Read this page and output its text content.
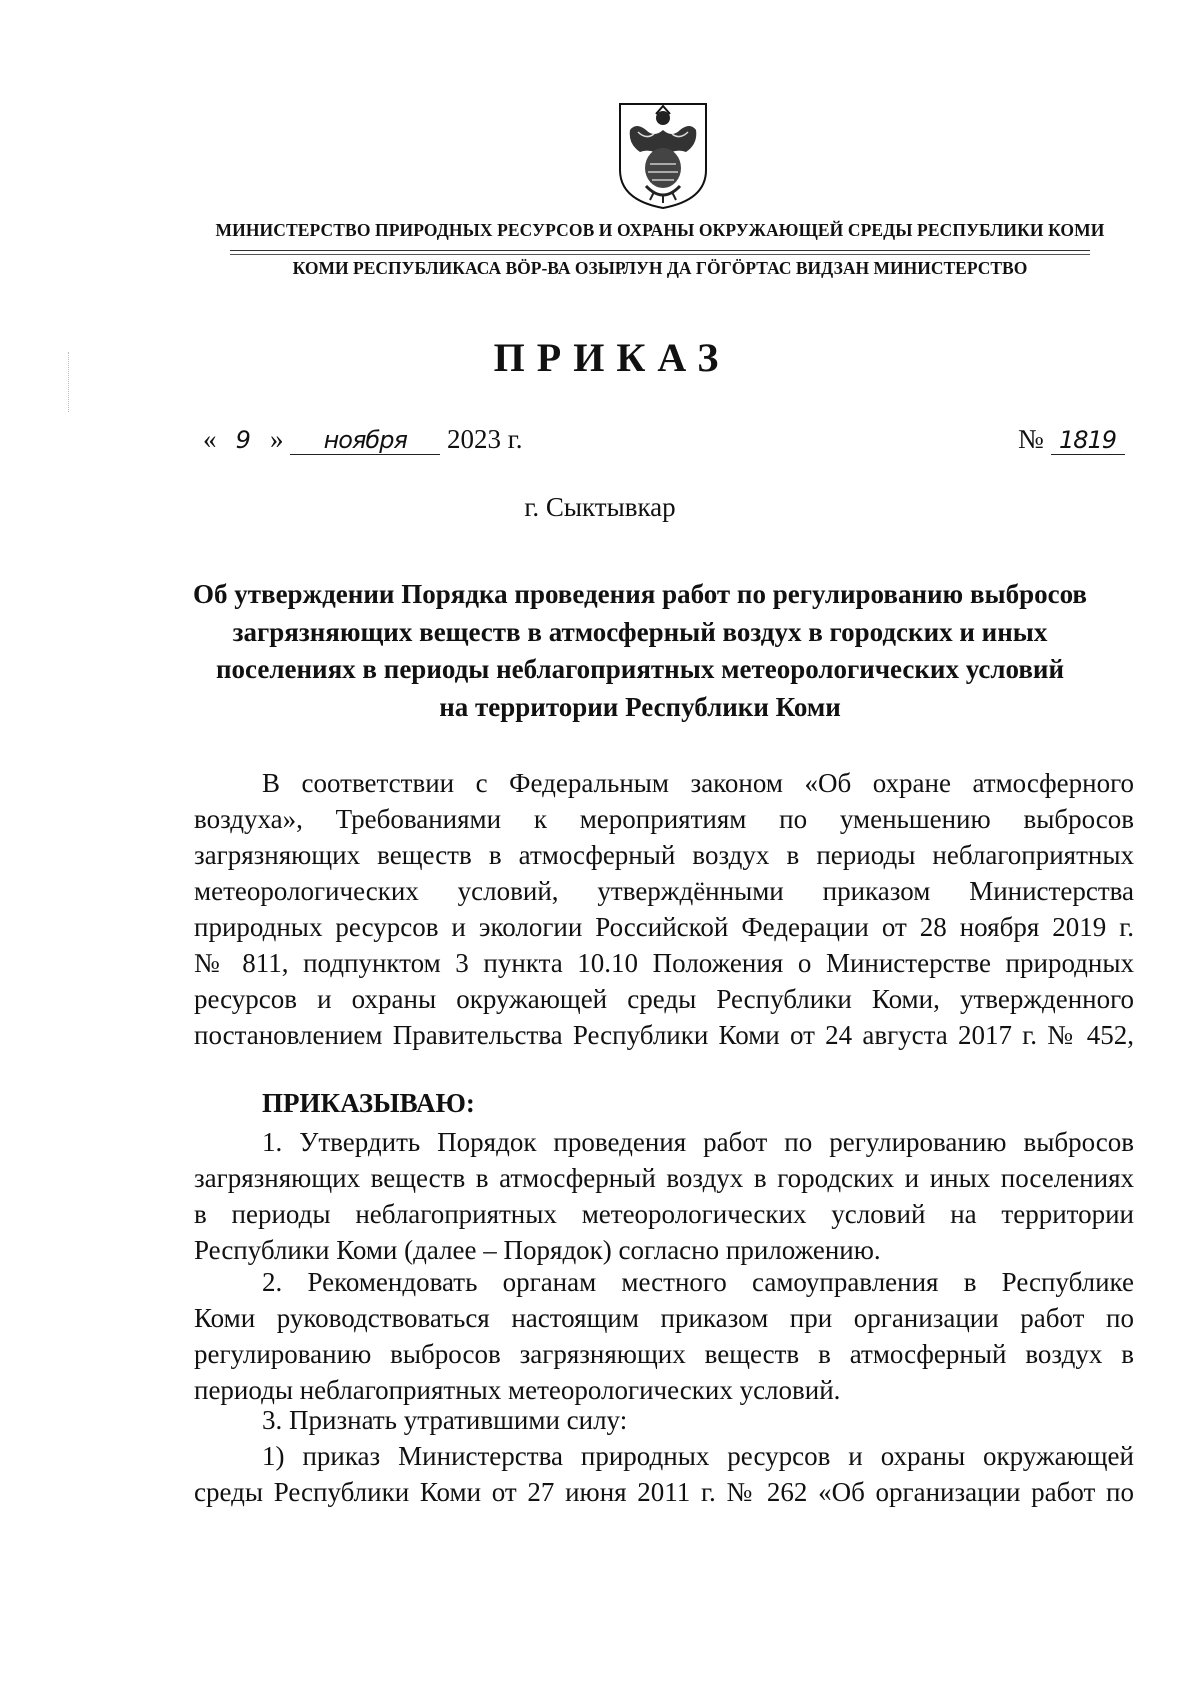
МИНИСТЕРСТВО ПРИРОДНЫХ РЕСУРСОВ И ОХРАНЫ ОКРУЖАЮЩЕЙ СРЕДЫ РЕСПУБЛИКИ КОМИ
КОМИ РЕСПУБЛИКАСА ВӦР-ВА ОЗЫРЛУН ДА ГӦГӦРТАС ВИДЗАН МИНИСТЕРСТВО
ПРИКАЗ
« 9 » ноября 2023 г.	№ 1819
г. Сыктывкар
Об утверждении Порядка проведения работ по регулированию выбросов
загрязняющих веществ в атмосферный воздух в городских и иных
поселениях в периоды неблагоприятных метеорологических условий
на территории Республики Коми
В соответствии с Федеральным законом «Об охране атмосферного
воздуха», Требованиями к мероприятиям по уменьшению выбросов
загрязняющих веществ в атмосферный воздух в периоды неблагоприятных
метеорологических условий, утверждёнными приказом Министерства
природных ресурсов и экологии Российской Федерации от 28 ноября 2019 г.
№ 811, подпунктом 3 пункта 10.10 Положения о Министерстве природных
ресурсов и охраны окружающей среды Республики Коми, утвержденного
постановлением Правительства Республики Коми от 24 августа 2017 г. № 452,
ПРИКАЗЫВАЮ:
1. Утвердить Порядок проведения работ по регулированию выбросов
загрязняющих веществ в атмосферный воздух в городских и иных поселениях
в периоды неблагоприятных метеорологических условий на территории
Республики Коми (далее – Порядок) согласно приложению.
2. Рекомендовать органам местного самоуправления в Республике
Коми руководствоваться настоящим приказом при организации работ по
регулированию выбросов загрязняющих веществ в атмосферный воздух в
периоды неблагоприятных метеорологических условий.
3. Признать утратившими силу:
1) приказ Министерства природных ресурсов и охраны окружающей
среды Республики Коми от 27 июня 2011 г. № 262 «Об организации работ по
